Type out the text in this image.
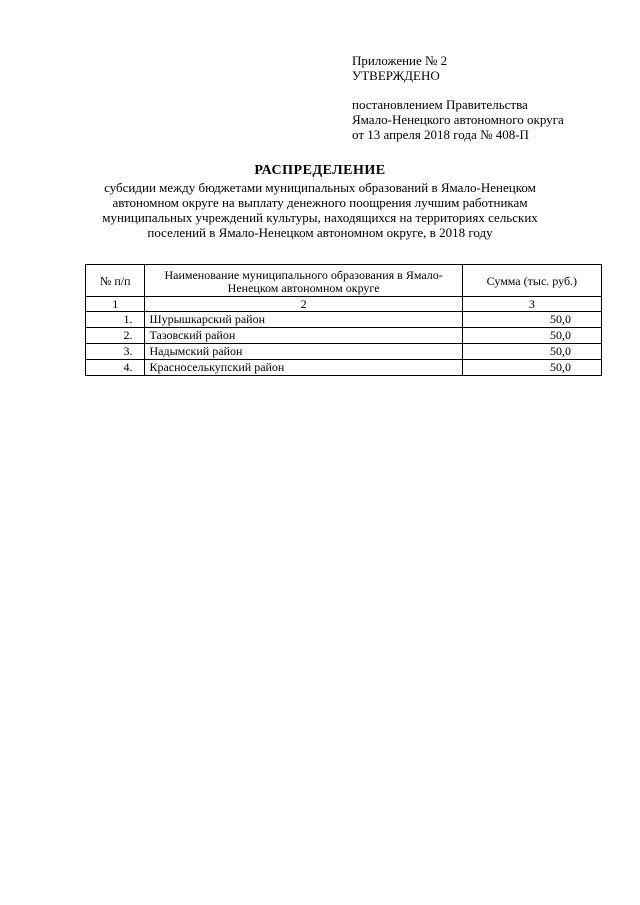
Приложение № 2
УТВЕРЖДЕНО
постановлением Правительства
Ямало-Ненецкого автономного округа
от 13 апреля 2018 года № 408-П
РАСПРЕДЕЛЕНИЕ
субсидии между бюджетами муниципальных образований в Ямало-Ненецком
автономном округе на выплату денежного поощрения лучшим работникам
муниципальных учреждений культуры, находящихся на территориях сельских
поселений в Ямало-Ненецком автономном округе, в 2018 году
№ п/п	Наименование муниципального образования в Ямало-Ненецком автономном округе	Сумма (тыс. руб.)
1	2	3
1.	Шурышкарский район	50,0
2.	Тазовский район	50,0
3.	Надымский район	50,0
4.	Красноселькупский район	50,0
